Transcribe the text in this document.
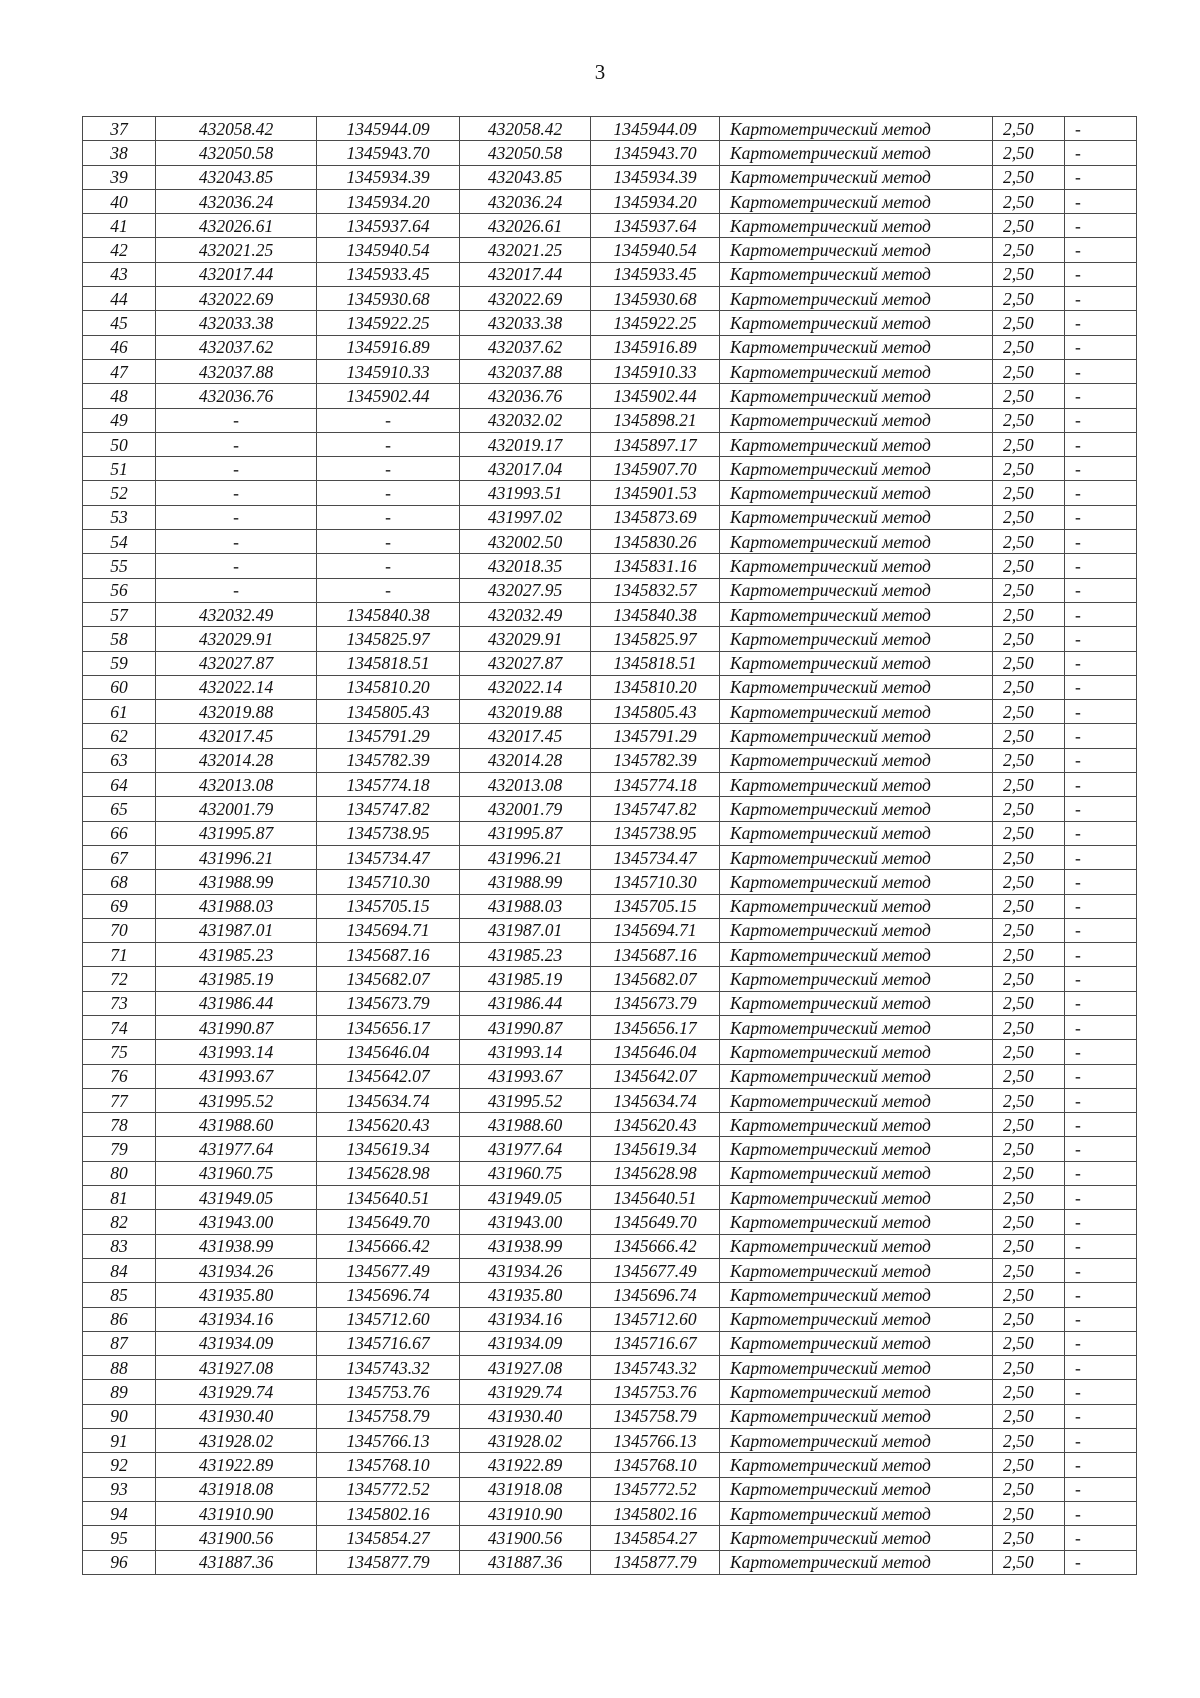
3
37	432058.42	1345944.09	432058.42	1345944.09	Картометрический метод	2,50	-
38	432050.58	1345943.70	432050.58	1345943.70	Картометрический метод	2,50	-
39	432043.85	1345934.39	432043.85	1345934.39	Картометрический метод	2,50	-
40	432036.24	1345934.20	432036.24	1345934.20	Картометрический метод	2,50	-
41	432026.61	1345937.64	432026.61	1345937.64	Картометрический метод	2,50	-
42	432021.25	1345940.54	432021.25	1345940.54	Картометрический метод	2,50	-
43	432017.44	1345933.45	432017.44	1345933.45	Картометрический метод	2,50	-
44	432022.69	1345930.68	432022.69	1345930.68	Картометрический метод	2,50	-
45	432033.38	1345922.25	432033.38	1345922.25	Картометрический метод	2,50	-
46	432037.62	1345916.89	432037.62	1345916.89	Картометрический метод	2,50	-
47	432037.88	1345910.33	432037.88	1345910.33	Картометрический метод	2,50	-
48	432036.76	1345902.44	432036.76	1345902.44	Картометрический метод	2,50	-
49	-	-	432032.02	1345898.21	Картометрический метод	2,50	-
50	-	-	432019.17	1345897.17	Картометрический метод	2,50	-
51	-	-	432017.04	1345907.70	Картометрический метод	2,50	-
52	-	-	431993.51	1345901.53	Картометрический метод	2,50	-
53	-	-	431997.02	1345873.69	Картометрический метод	2,50	-
54	-	-	432002.50	1345830.26	Картометрический метод	2,50	-
55	-	-	432018.35	1345831.16	Картометрический метод	2,50	-
56	-	-	432027.95	1345832.57	Картометрический метод	2,50	-
57	432032.49	1345840.38	432032.49	1345840.38	Картометрический метод	2,50	-
58	432029.91	1345825.97	432029.91	1345825.97	Картометрический метод	2,50	-
59	432027.87	1345818.51	432027.87	1345818.51	Картометрический метод	2,50	-
60	432022.14	1345810.20	432022.14	1345810.20	Картометрический метод	2,50	-
61	432019.88	1345805.43	432019.88	1345805.43	Картометрический метод	2,50	-
62	432017.45	1345791.29	432017.45	1345791.29	Картометрический метод	2,50	-
63	432014.28	1345782.39	432014.28	1345782.39	Картометрический метод	2,50	-
64	432013.08	1345774.18	432013.08	1345774.18	Картометрический метод	2,50	-
65	432001.79	1345747.82	432001.79	1345747.82	Картометрический метод	2,50	-
66	431995.87	1345738.95	431995.87	1345738.95	Картометрический метод	2,50	-
67	431996.21	1345734.47	431996.21	1345734.47	Картометрический метод	2,50	-
68	431988.99	1345710.30	431988.99	1345710.30	Картометрический метод	2,50	-
69	431988.03	1345705.15	431988.03	1345705.15	Картометрический метод	2,50	-
70	431987.01	1345694.71	431987.01	1345694.71	Картометрический метод	2,50	-
71	431985.23	1345687.16	431985.23	1345687.16	Картометрический метод	2,50	-
72	431985.19	1345682.07	431985.19	1345682.07	Картометрический метод	2,50	-
73	431986.44	1345673.79	431986.44	1345673.79	Картометрический метод	2,50	-
74	431990.87	1345656.17	431990.87	1345656.17	Картометрический метод	2,50	-
75	431993.14	1345646.04	431993.14	1345646.04	Картометрический метод	2,50	-
76	431993.67	1345642.07	431993.67	1345642.07	Картометрический метод	2,50	-
77	431995.52	1345634.74	431995.52	1345634.74	Картометрический метод	2,50	-
78	431988.60	1345620.43	431988.60	1345620.43	Картометрический метод	2,50	-
79	431977.64	1345619.34	431977.64	1345619.34	Картометрический метод	2,50	-
80	431960.75	1345628.98	431960.75	1345628.98	Картометрический метод	2,50	-
81	431949.05	1345640.51	431949.05	1345640.51	Картометрический метод	2,50	-
82	431943.00	1345649.70	431943.00	1345649.70	Картометрический метод	2,50	-
83	431938.99	1345666.42	431938.99	1345666.42	Картометрический метод	2,50	-
84	431934.26	1345677.49	431934.26	1345677.49	Картометрический метод	2,50	-
85	431935.80	1345696.74	431935.80	1345696.74	Картометрический метод	2,50	-
86	431934.16	1345712.60	431934.16	1345712.60	Картометрический метод	2,50	-
87	431934.09	1345716.67	431934.09	1345716.67	Картометрический метод	2,50	-
88	431927.08	1345743.32	431927.08	1345743.32	Картометрический метод	2,50	-
89	431929.74	1345753.76	431929.74	1345753.76	Картометрический метод	2,50	-
90	431930.40	1345758.79	431930.40	1345758.79	Картометрический метод	2,50	-
91	431928.02	1345766.13	431928.02	1345766.13	Картометрический метод	2,50	-
92	431922.89	1345768.10	431922.89	1345768.10	Картометрический метод	2,50	-
93	431918.08	1345772.52	431918.08	1345772.52	Картометрический метод	2,50	-
94	431910.90	1345802.16	431910.90	1345802.16	Картометрический метод	2,50	-
95	431900.56	1345854.27	431900.56	1345854.27	Картометрический метод	2,50	-
96	431887.36	1345877.79	431887.36	1345877.79	Картометрический метод	2,50	-
